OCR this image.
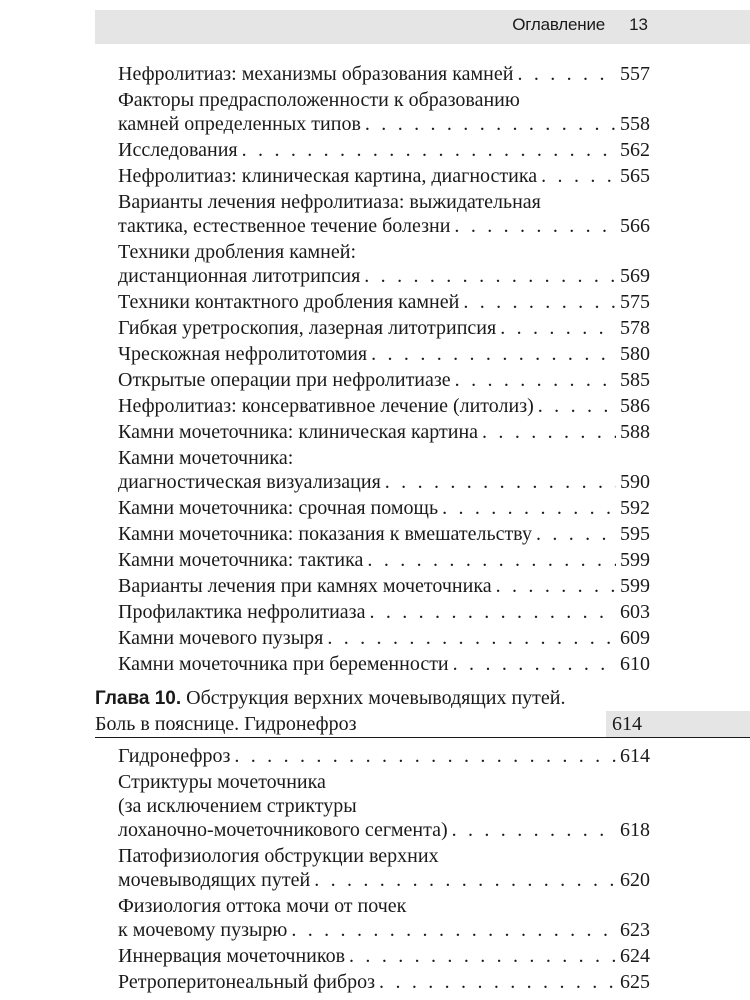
Оглавление 13
Нефролитиаз: механизмы образования камней . . .	557
Факторы предрасположенности к образованию
камней определенных типов . . .	558
Исследования . . .	562
Нефролитиаз: клиническая картина, диагностика . . .	565
Варианты лечения нефролитиаза: выжидательная
тактика, естественное течение болезни . . .	566
Техники дробления камней:
дистанционная литотрипсия . . .	569
Техники контактного дробления камней . . .	575
Гибкая уретроскопия, лазерная литотрипсия . . .	578
Чрескожная нефролитотомия . . .	580
Открытые операции при нефролитиазе . . .	585
Нефролитиаз: консервативное лечение (литолиз) . . .	586
Камни мочеточника: клиническая картина . . .	588
Камни мочеточника:
диагностическая визуализация . . .	590
Камни мочеточника: срочная помощь . . .	592
Камни мочеточника: показания к вмешательству . . .	595
Камни мочеточника: тактика . . .	599
Варианты лечения при камнях мочеточника . . .	599
Профилактика нефролитиаза . . .	603
Камни мочевого пузыря . . .	609
Камни мочеточника при беременности . . .	610
Глава 10. Обструкция верхних мочевыводящих путей.
Боль в пояснице. Гидронефроз	614
Гидронефроз . . .	614
Стриктуры мочеточника
(за исключением стриктуры
лоханочно-мочеточникового сегмента) . . .	618
Патофизиология обструкции верхних
мочевыводящих путей . . .	620
Физиология оттока мочи от почек
к мочевому пузырю . . .	623
Иннервация мочеточников . . .	624
Ретроперитонеальный фиброз . . .	625
